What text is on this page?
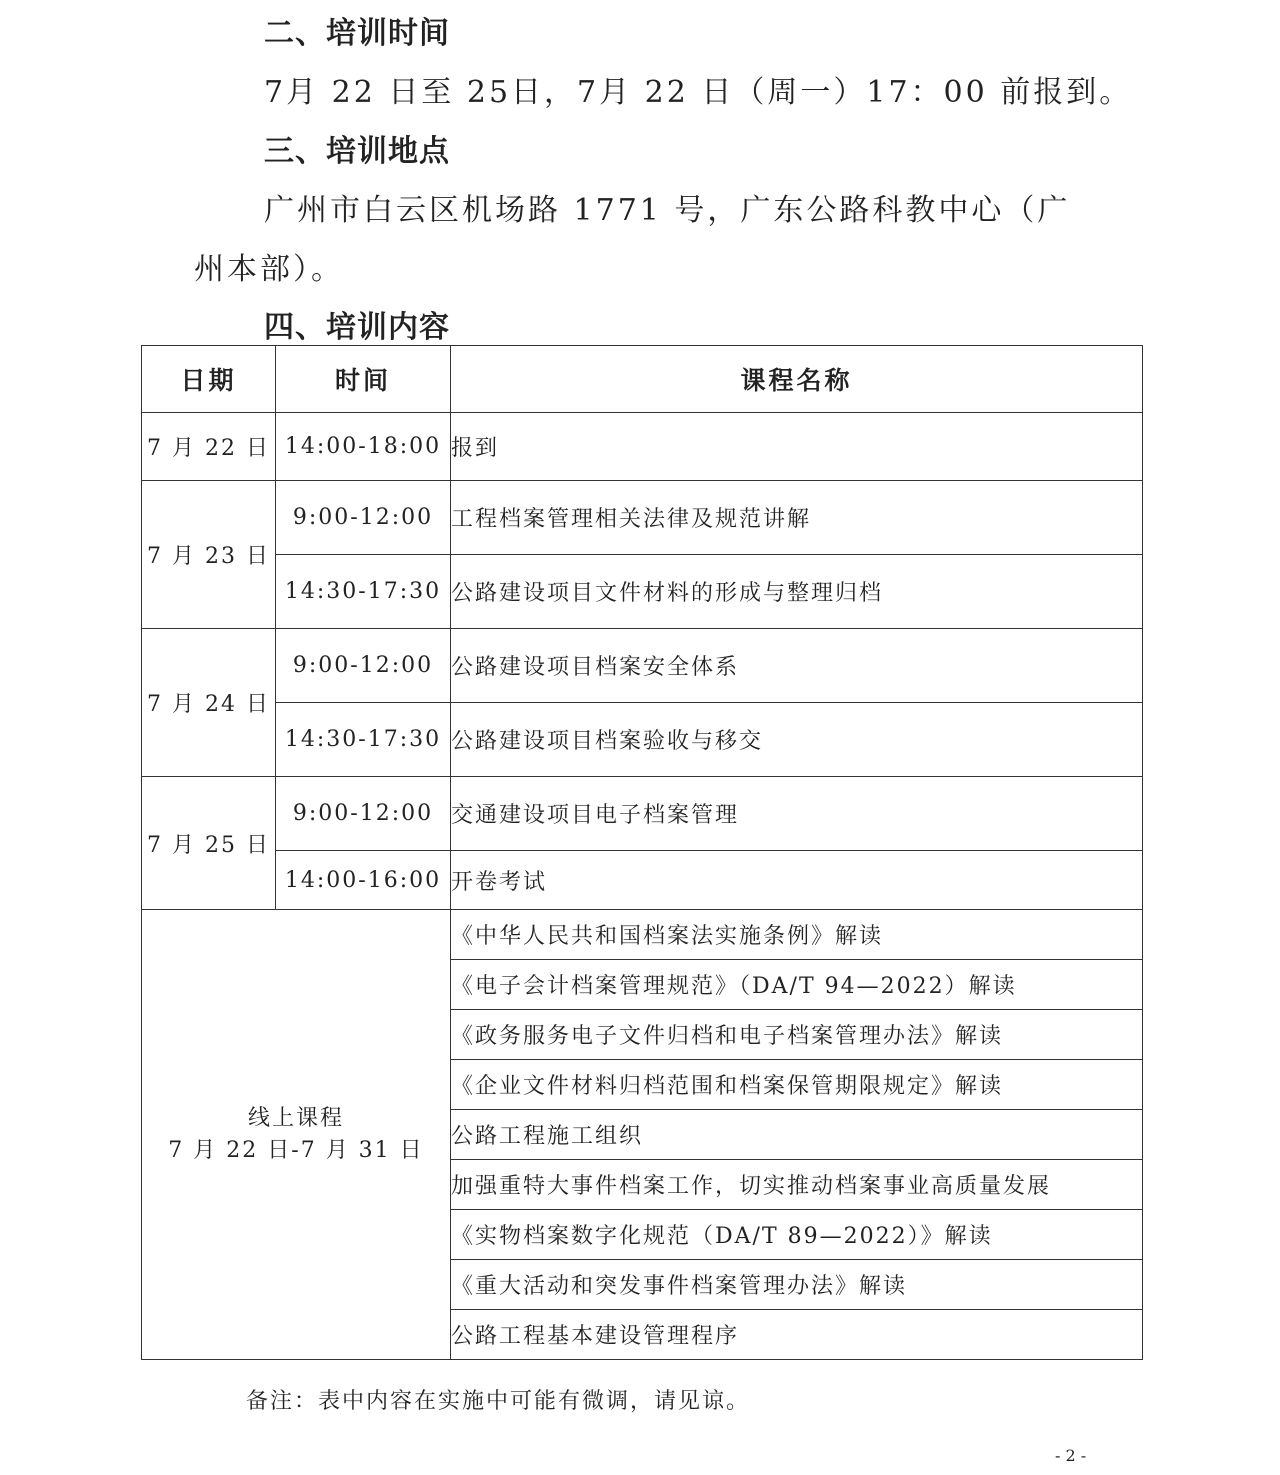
二、培训时间
7月 22 日至 25日，7月 22 日（周一）17：00 前报到。
三、培训地点
广州市白云区机场路 1771 号，广东公路科教中心（广
州本部）。
四、培训内容
日期	时间	课程名称
7 月 22 日	14:00-18:00	报到
7 月 23 日	9:00-12:00	工程档案管理相关法律及规范讲解
	14:30-17:30	公路建设项目文件材料的形成与整理归档
7 月 24 日	9:00-12:00	公路建设项目档案安全体系
	14:30-17:30	公路建设项目档案验收与移交
7 月 25 日	9:00-12:00	交通建设项目电子档案管理
	14:00-16:00	开卷考试

线上课程
7 月 22 日-7 月 31 日		《中华人民共和国档案法实施条例》解读
		《电子会计档案管理规范》（DA/T 94—2022）解读
		《政务服务电子文件归档和电子档案管理办法》解读
		《企业文件材料归档范围和档案保管期限规定》解读
		公路工程施工组织
		加强重特大事件档案工作，切实推动档案事业高质量发展
		《实物档案数字化规范（DA/T 89—2022）》解读
		《重大活动和突发事件档案管理办法》解读
		公路工程基本建设管理程序
备注：表中内容在实施中可能有微调，请见谅。
- 2 -
